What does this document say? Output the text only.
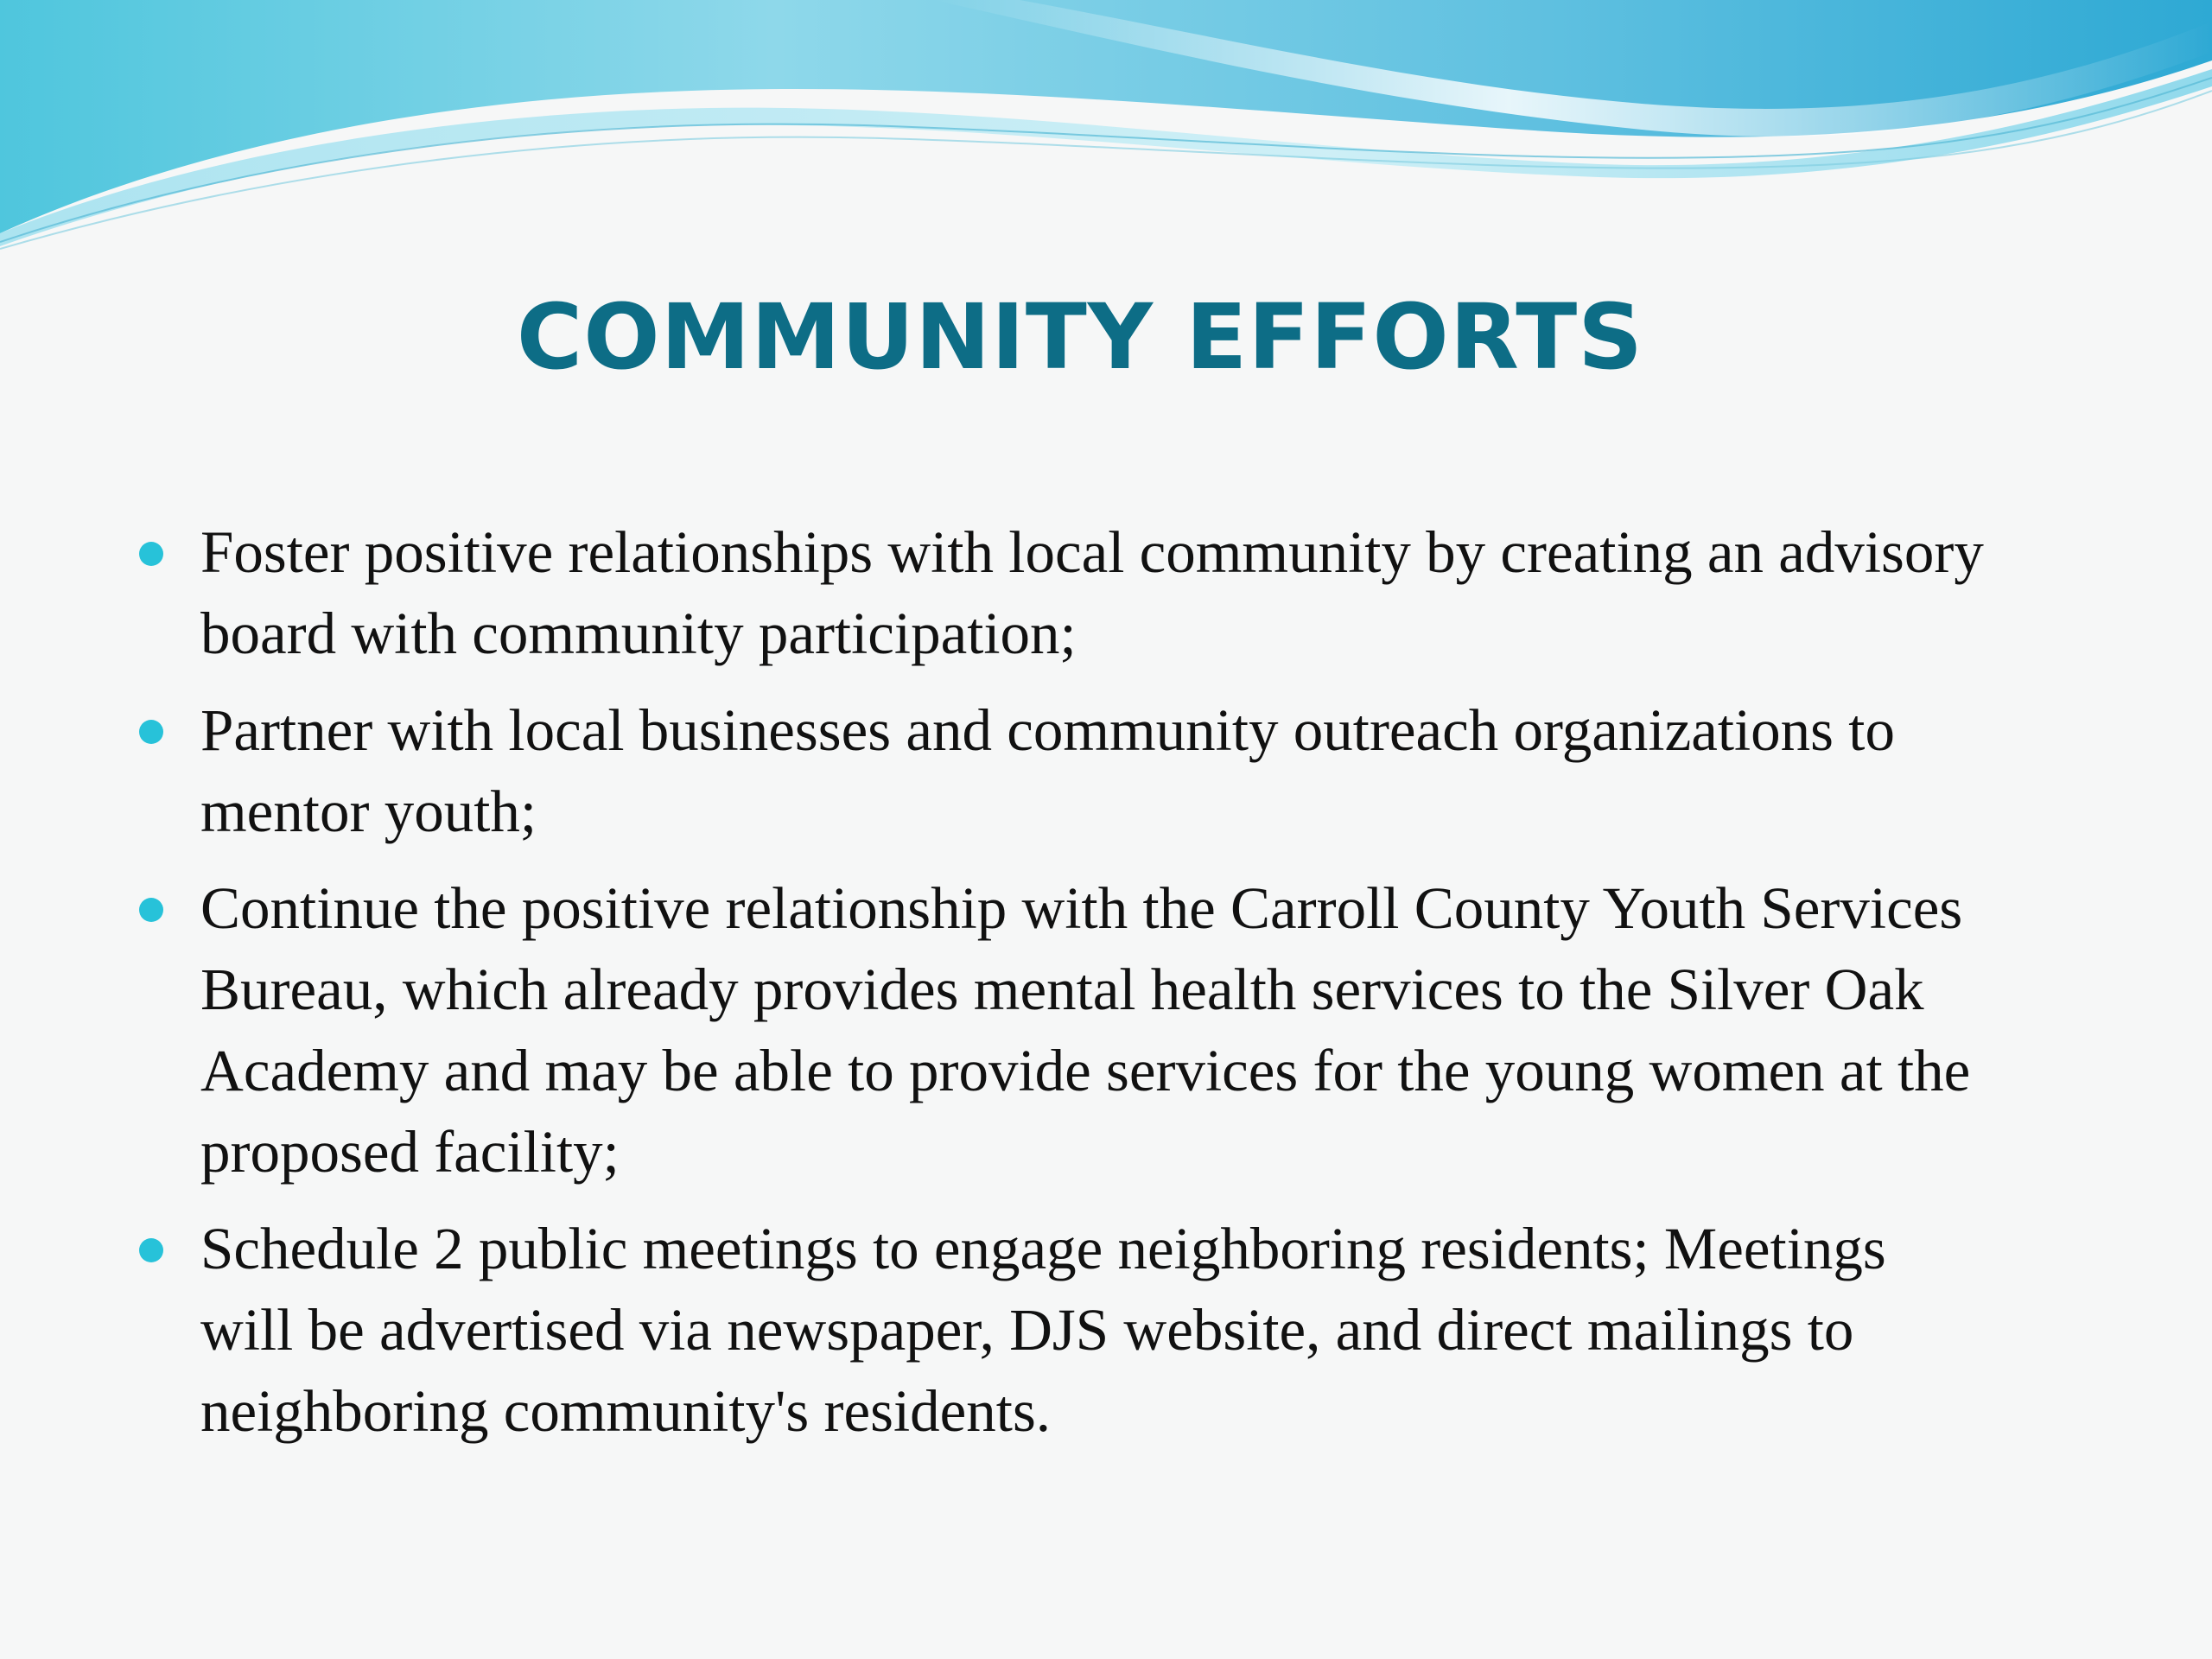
COMMUNITY EFFORTS
Foster positive relationships with local community by creating an advisory board with community participation;
Partner with local businesses and community outreach organizations to mentor youth;
Continue the positive relationship with the Carroll County Youth Services Bureau, which already provides mental health services to the Silver Oak Academy and may be able to provide services for the young women at the proposed facility;
Schedule 2 public meetings to engage neighboring residents; Meetings will be advertised via newspaper, DJS website, and direct mailings to neighboring community's residents.
